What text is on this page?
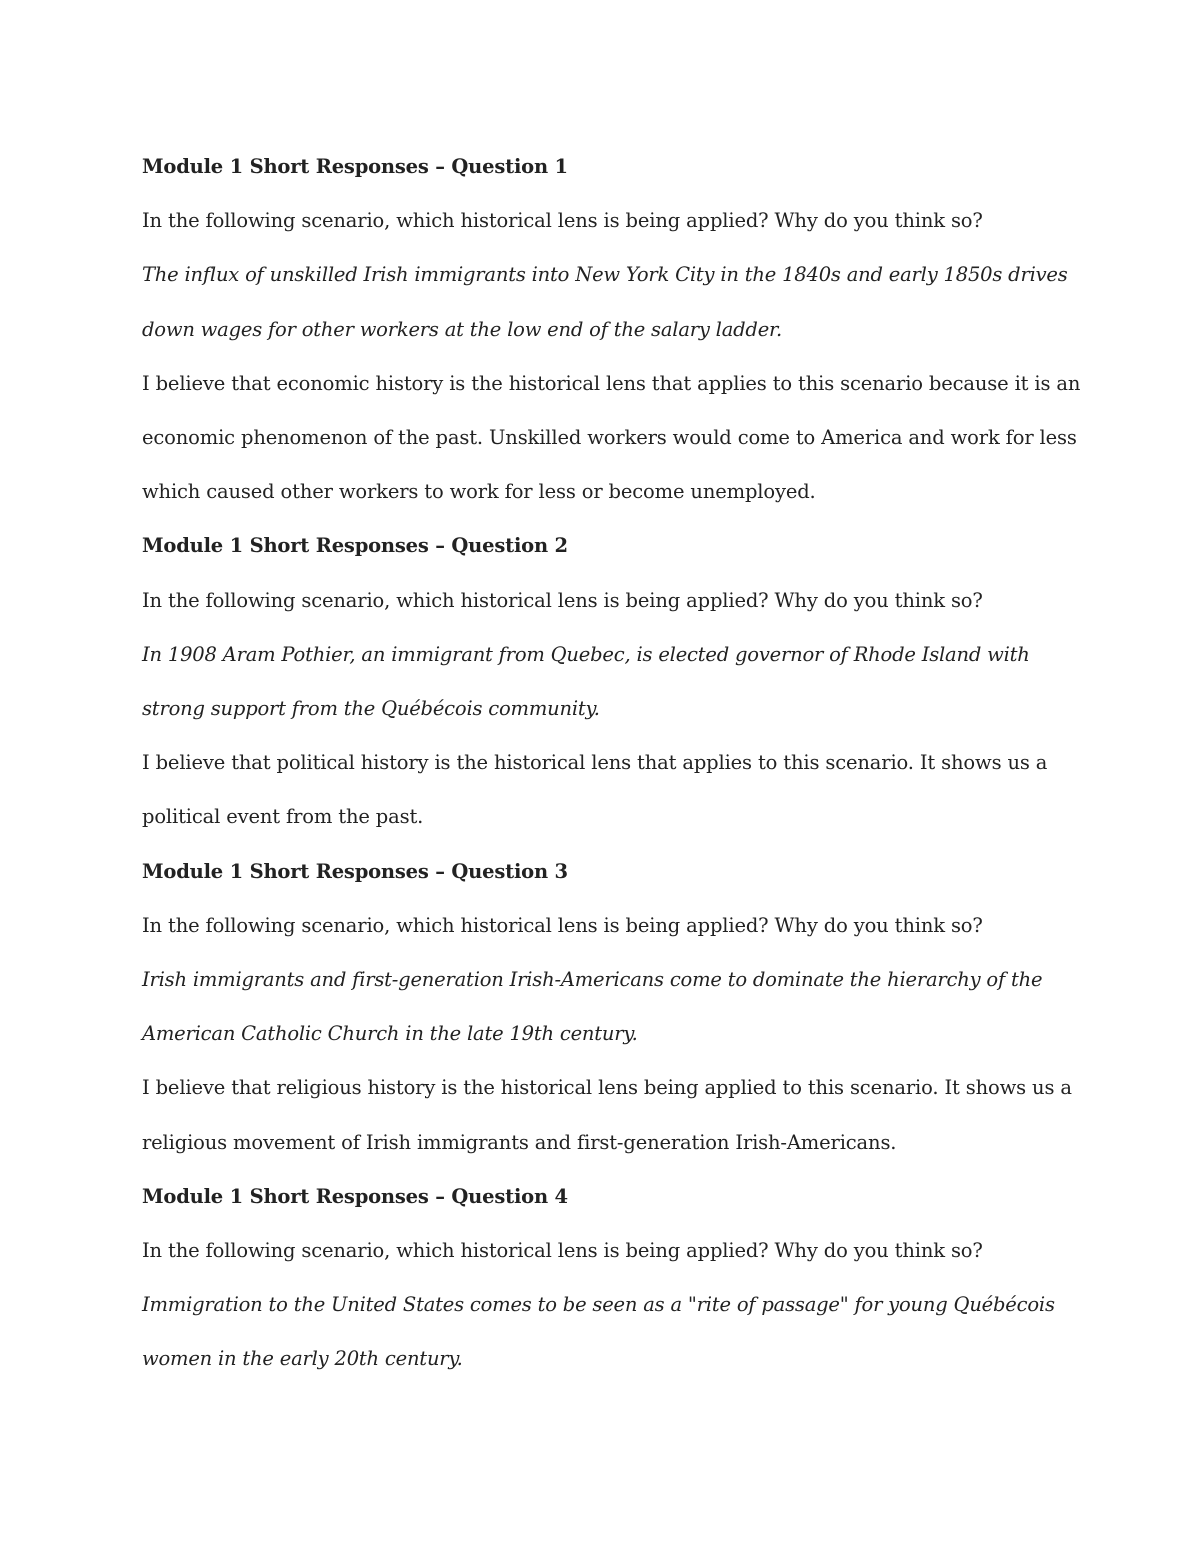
Module 1 Short Responses – Question 1
In the following scenario, which historical lens is being applied? Why do you think so?
The influx of unskilled Irish immigrants into New York City in the 1840s and early 1850s drives
down wages for other workers at the low end of the salary ladder.
I believe that economic history is the historical lens that applies to this scenario because it is an
economic phenomenon of the past. Unskilled workers would come to America and work for less
which caused other workers to work for less or become unemployed.
Module 1 Short Responses – Question 2
In the following scenario, which historical lens is being applied? Why do you think so?
In 1908 Aram Pothier, an immigrant from Quebec, is elected governor of Rhode Island with
strong support from the Québécois community.
I believe that political history is the historical lens that applies to this scenario. It shows us a
political event from the past.
Module 1 Short Responses – Question 3
In the following scenario, which historical lens is being applied? Why do you think so?
Irish immigrants and first-generation Irish-Americans come to dominate the hierarchy of the
American Catholic Church in the late 19th century.
I believe that religious history is the historical lens being applied to this scenario. It shows us a
religious movement of Irish immigrants and first-generation Irish-Americans.
Module 1 Short Responses – Question 4
In the following scenario, which historical lens is being applied? Why do you think so?
Immigration to the United States comes to be seen as a "rite of passage" for young Québécois
women in the early 20th century.
